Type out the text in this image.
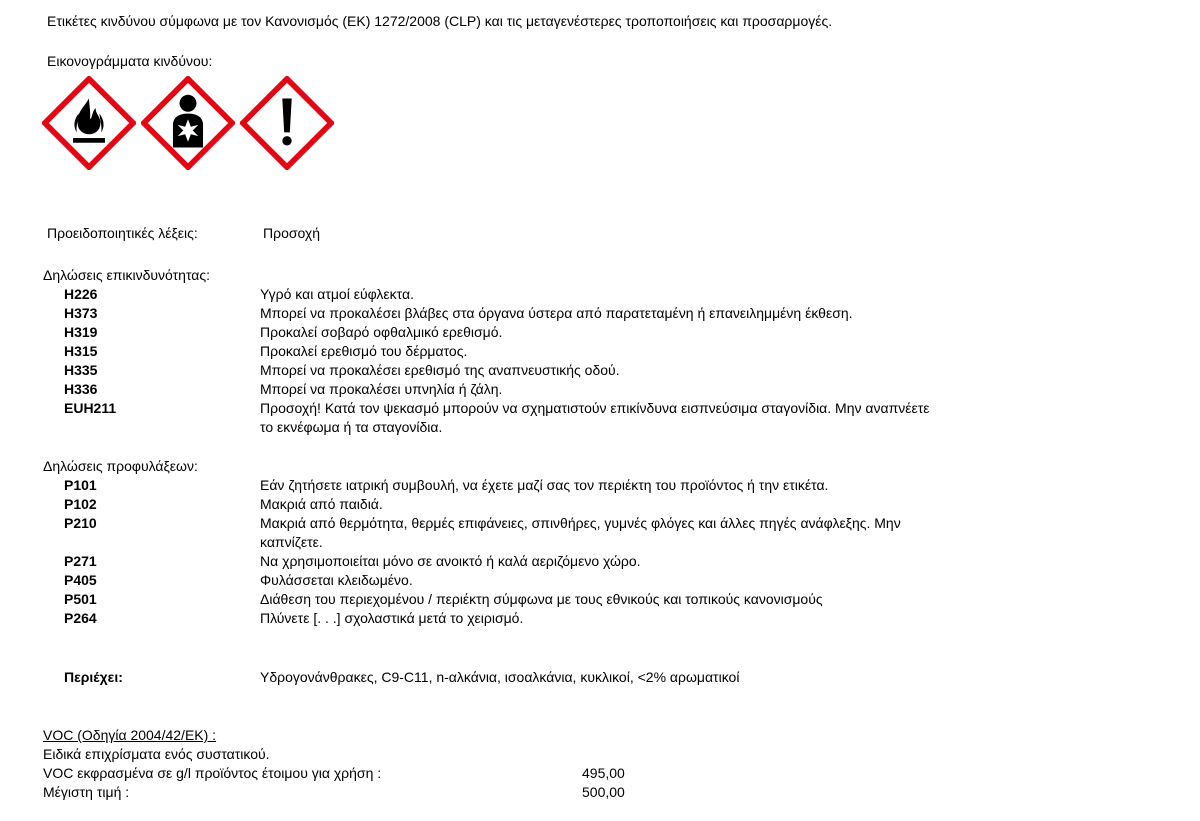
Ετικέτες κινδύνου σύμφωνα με τον Κανονισμός (ΕΚ) 1272/2008 (CLP) και τις μεταγενέστερες τροποποιήσεις και προσαρμογές.
Εικονογράμματα κινδύνου:
Προειδοποιητικές λέξεις:	Προσοχή
Δηλώσεις επικινδυνότητας:
H226	Υγρό και ατμοί εύφλεκτα.
H373	Μπορεί να προκαλέσει βλάβες στα όργανα ύστερα από παρατεταμένη ή επανειλημμένη έκθεση.
H319	Προκαλεί σοβαρό οφθαλμικό ερεθισμό.
H315	Προκαλεί ερεθισμό του δέρματος.
H335	Μπορεί να προκαλέσει ερεθισμό της αναπνευστικής οδού.
H336	Μπορεί να προκαλέσει υπνηλία ή ζάλη.
EUH211	Προσοχή! Κατά τον ψεκασμό μπορούν να σχηματιστούν επικίνδυνα εισπνεύσιμα σταγονίδια. Μην αναπνέετε
το εκνέφωμα ή τα σταγονίδια.
Δηλώσεις προφυλάξεων:
P101	Εάν ζητήσετε ιατρική συμβουλή, να έχετε μαζί σας τον περιέκτη του προϊόντος ή την ετικέτα.
P102	Μακριά από παιδιά.
P210	Μακριά από θερμότητα, θερμές επιφάνειες, σπινθήρες, γυμνές φλόγες και άλλες πηγές ανάφλεξης. Μην
καπνίζετε.
P271	Να χρησιμοποιείται μόνο σε ανοικτό ή καλά αεριζόμενο χώρο.
P405	Φυλάσσεται κλειδωμένο.
P501	Διάθεση του περιεχομένου / περιέκτη σύμφωνα με τους εθνικούς και τοπικούς κανονισμούς
P264	Πλύνετε [. . .] σχολαστικά μετά το χειρισμό.
Περιέχει:	Υδρογονάνθρακες, C9-C11, n-αλκάνια, ισοαλκάνια, κυκλικοί, <2% αρωματικοί
VOC (Οδηγία 2004/42/ΕΚ) :
Ειδικά επιχρίσματα ενός συστατικού.
VOC εκφρασμένα σε g/l προϊόντος έτοιμου για χρήση :	495,00
Μέγιστη τιμή :	500,00
